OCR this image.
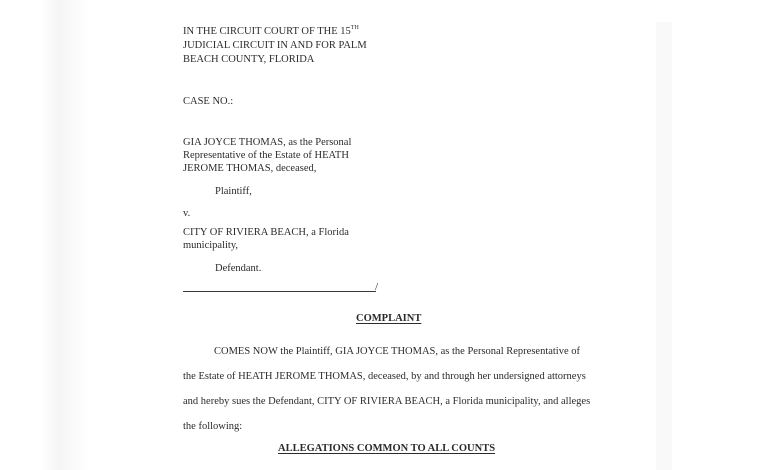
IN THE CIRCUIT COURT OF THE 15TH
JUDICIAL CIRCUIT IN AND FOR PALM
BEACH COUNTY, FLORIDA
CASE NO.:
GIA JOYCE THOMAS, as the Personal
Representative of the Estate of HEATH
JEROME THOMAS, deceased,
Plaintiff,
v.
CITY OF RIVIERA BEACH, a Florida
municipality,
Defendant.
/
COMPLAINT
COMES NOW the Plaintiff, GIA JOYCE THOMAS, as the Personal Representative of
the Estate of HEATH JEROME THOMAS, deceased, by and through her undersigned attorneys
and hereby sues the Defendant, CITY OF RIVIERA BEACH, a Florida municipality, and alleges
the following:
ALLEGATIONS COMMON TO ALL COUNTS
